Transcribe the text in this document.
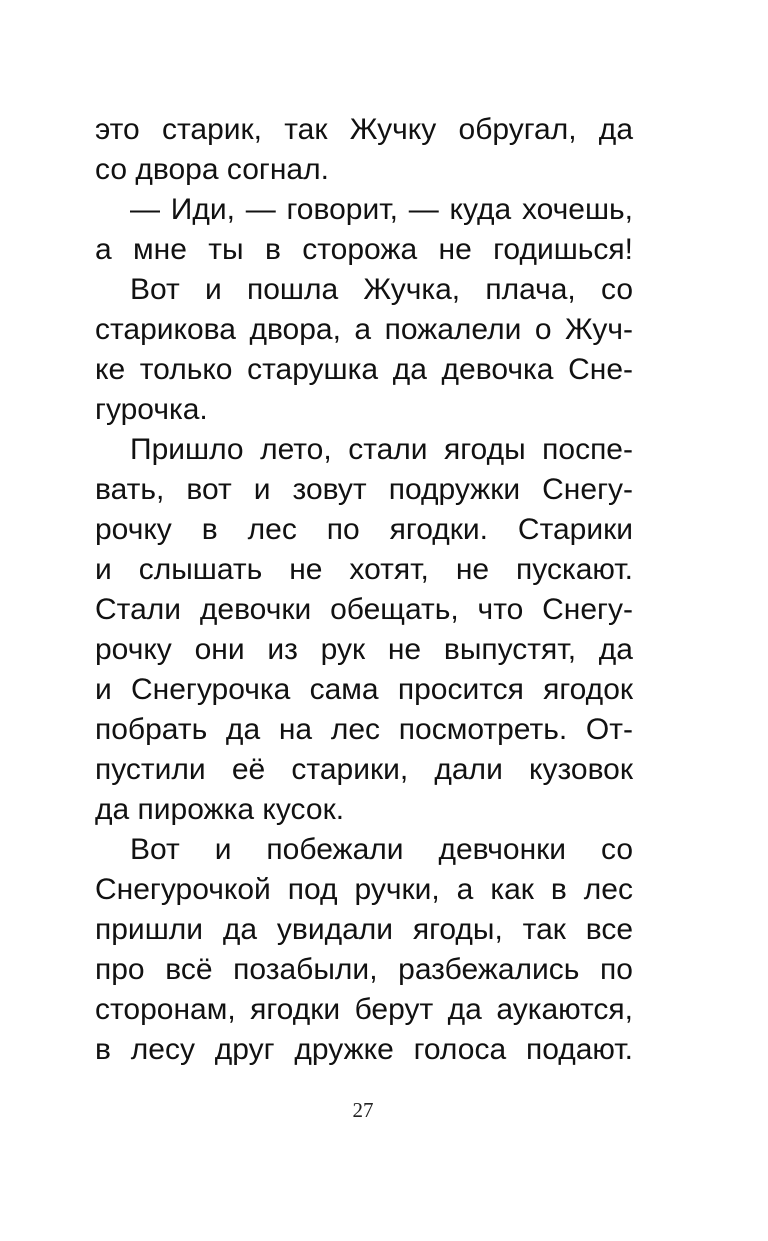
это старик, так Жучку обругал, да
со двора согнал.
— Иди, — говорит, — куда хочешь,
а мне ты в сторожа не годишься!
Вот и пошла Жучка, плача, со
старикова двора, а пожалели о Жуч-
ке только старушка да девочка Сне-
гурочка.
Пришло лето, стали ягоды поспе-
вать, вот и зовут подружки Снегу-
рочку в лес по ягодки. Старики
и слышать не хотят, не пускают.
Стали девочки обещать, что Снегу-
рочку они из рук не выпустят, да
и Снегурочка сама просится ягодок
побрать да на лес посмотреть. От-
пустили её старики, дали кузовок
да пирожка кусок.
Вот и побежали девчонки со
Снегурочкой под ручки, а как в лес
пришли да увидали ягоды, так все
про всё позабыли, разбежались по
сторонам, ягодки берут да аукаются,
в лесу друг дружке голоса подают.
27
